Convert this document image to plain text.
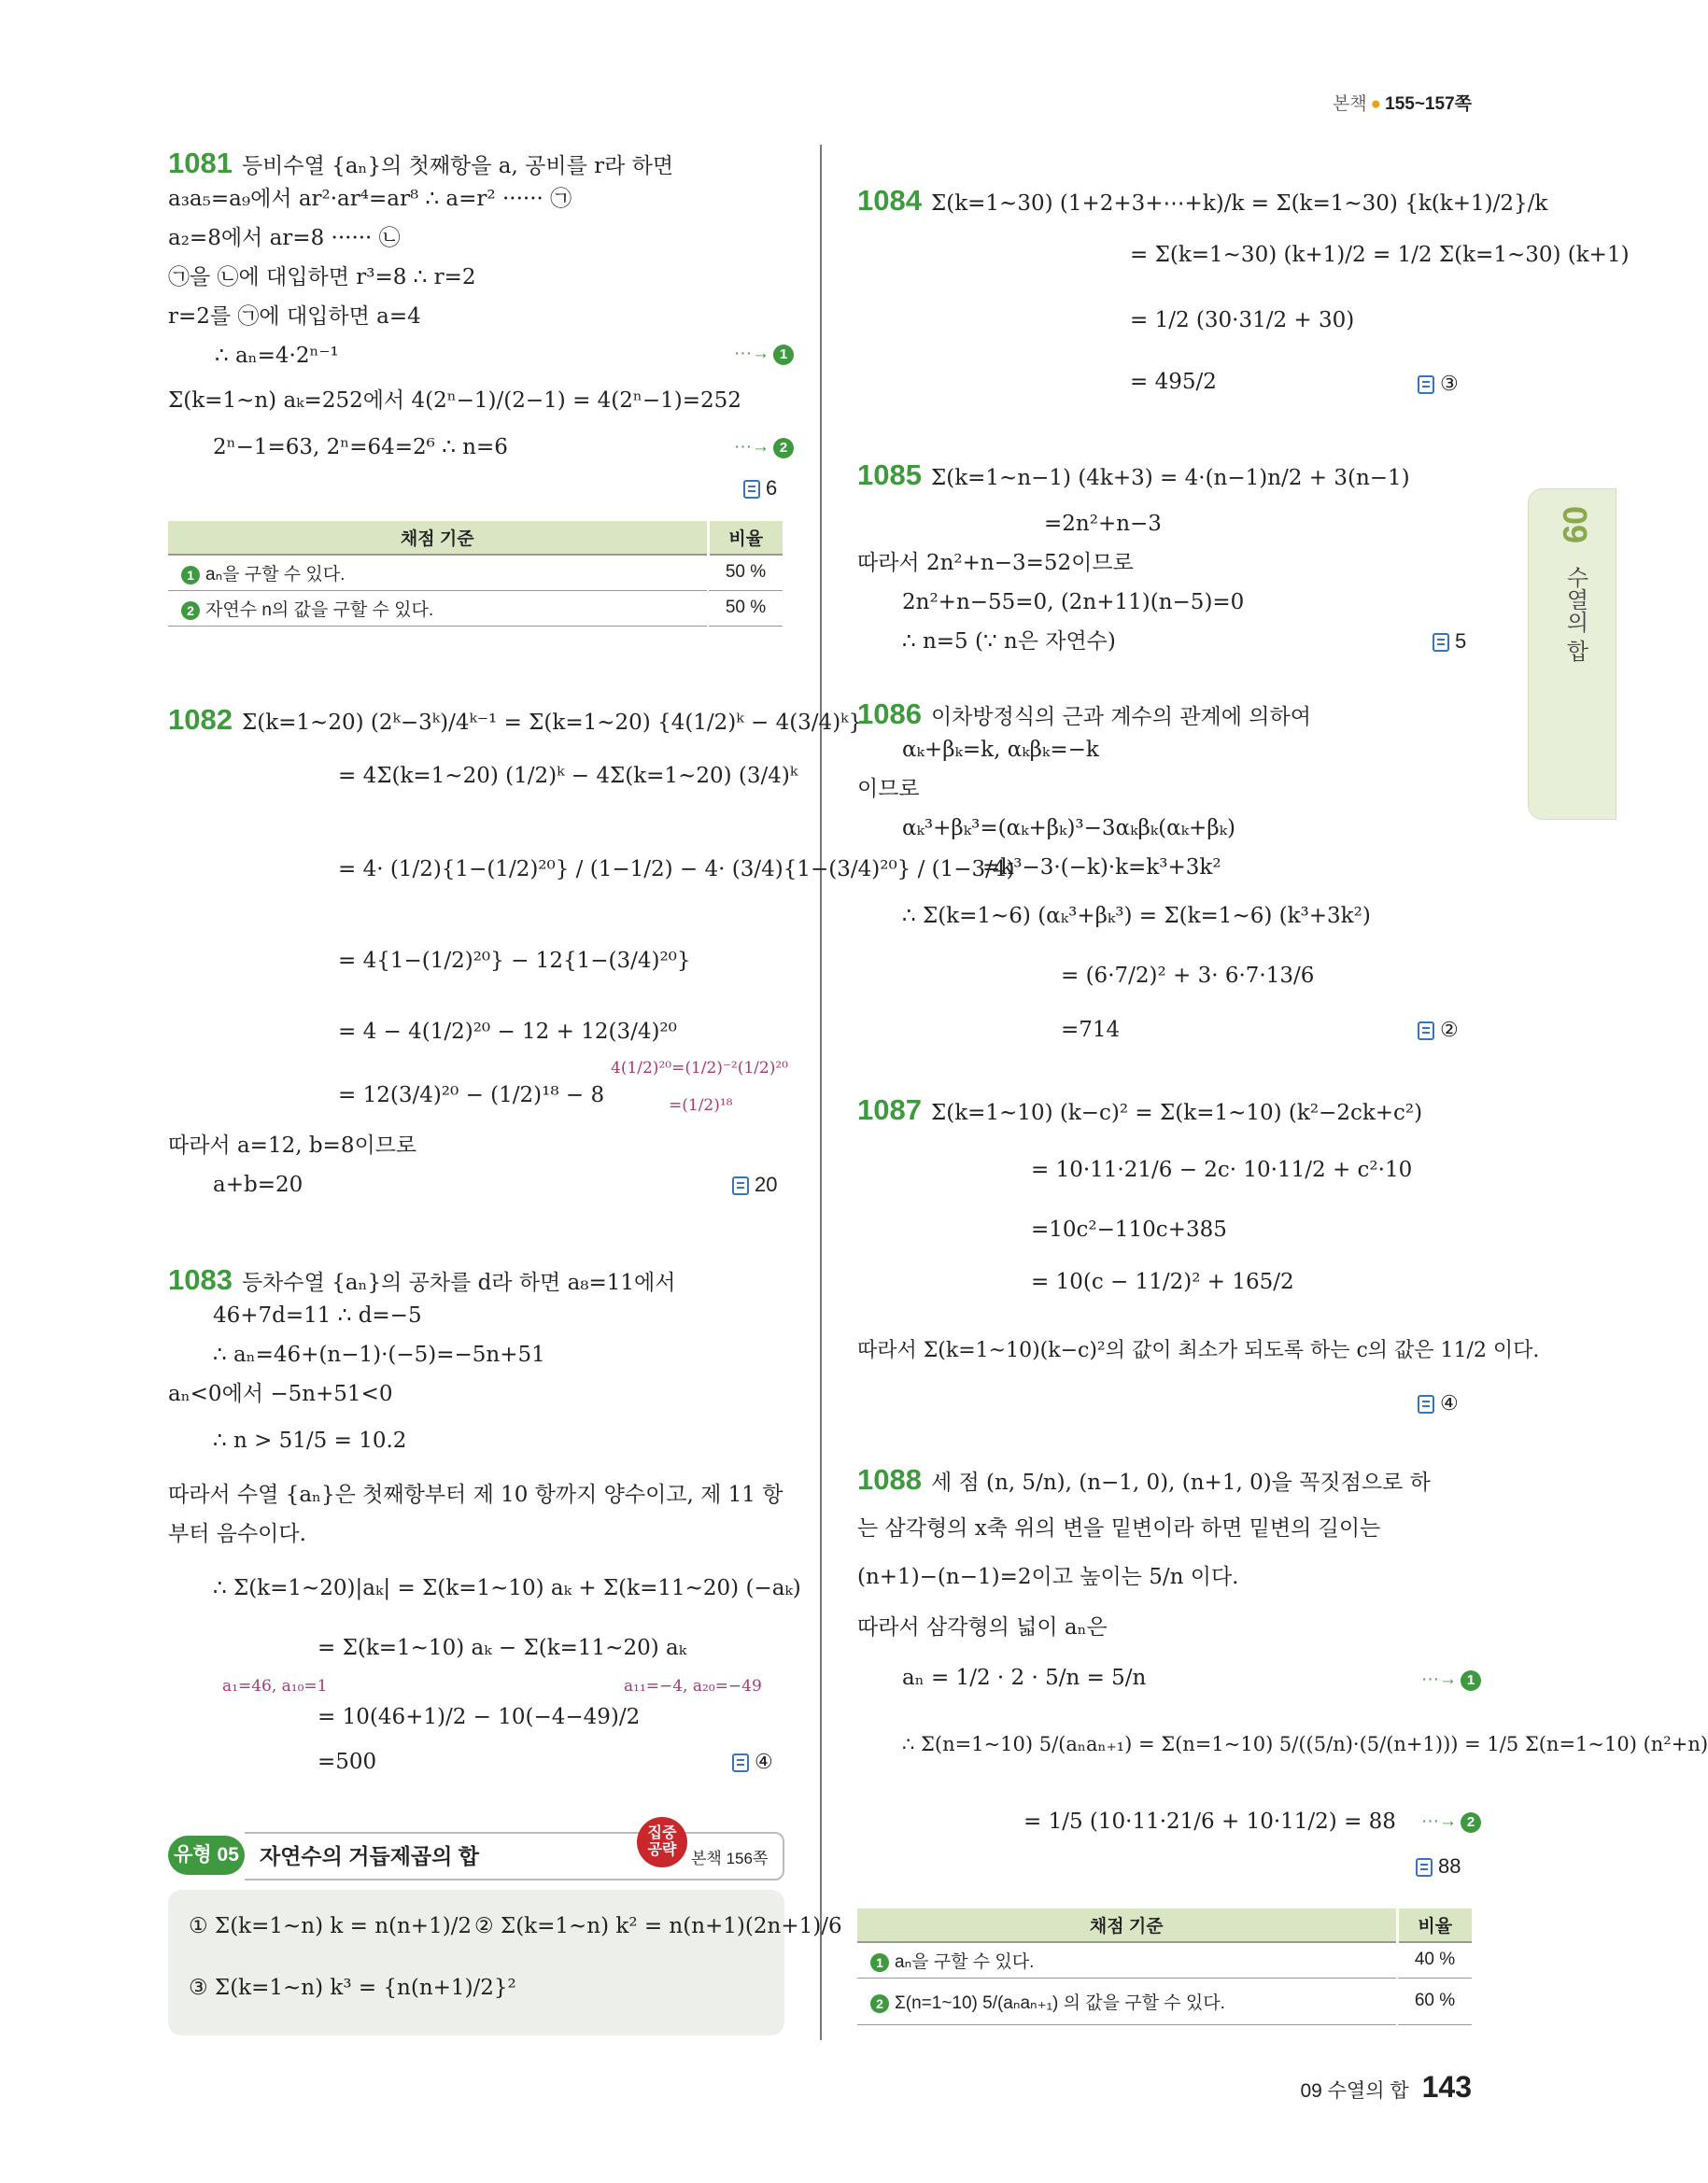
본책 ● 155~157쪽
09
수열의 합
1081 등비수열 {aₙ}의 첫째항을 a, 공비를 r라 하면
a₃a₅=a₉에서 ar²·ar⁴=ar⁸ ∴ a=r² ······ ㉠
a₂=8에서 ar=8 ······ ㉡
㉠을 ㉡에 대입하면 r³=8 ∴ r=2
r=2를 ㉠에 대입하면 a=4
∴ aₙ=4·2ⁿ⁻¹
Σ(k=1~n) aₖ=252에서 4(2ⁿ−1)/(2−1) = 4(2ⁿ−1)=252
2ⁿ−1=63, 2ⁿ=64=2⁶ ∴ n=6
···→ 1
···→ 2
6
채점 기준	비율
1 aₙ을 구할 수 있다.	50 %
2 자연수 n의 값을 구할 수 있다.	50 %
1082 Σ(k=1~20) (2ᵏ−3ᵏ)/4ᵏ⁻¹ = Σ(k=1~20) {4(1/2)ᵏ − 4(3/4)ᵏ}
= 4Σ(k=1~20) (1/2)ᵏ − 4Σ(k=1~20) (3/4)ᵏ
= 4· (1/2){1−(1/2)²⁰} / (1−1/2) − 4· (3/4){1−(3/4)²⁰} / (1−3/4)
= 4{1−(1/2)²⁰} − 12{1−(3/4)²⁰}
= 4 − 4(1/2)²⁰ − 12 + 12(3/4)²⁰
= 12(3/4)²⁰ − (1/2)¹⁸ − 8
4(1/2)²⁰=(1/2)⁻²(1/2)²⁰
=(1/2)¹⁸
따라서 a=12, b=8이므로
a+b=20	20
1083 등차수열 {aₙ}의 공차를 d라 하면 a₈=11에서
46+7d=11 ∴ d=−5
∴ aₙ=46+(n−1)·(−5)=−5n+51
aₙ<0에서 −5n+51<0
∴ n > 51/5 = 10.2
따라서 수열 {aₙ}은 첫째항부터 제 10 항까지 양수이고, 제 11 항
부터 음수이다.
∴ Σ(k=1~20)|aₖ| = Σ(k=1~10) aₖ + Σ(k=11~20) (−aₖ)
= Σ(k=1~10) aₖ − Σ(k=11~20) aₖ
a₁=46, a₁₀=1	a₁₁=−4, a₂₀=−49
= 10(46+1)/2 − 10(−4−49)/2
=500	④
유형 05 자연수의 거듭제곱의 합
집중
공략 본책 156쪽
① Σ(k=1~n) k = n(n+1)/2 ② Σ(k=1~n) k² = n(n+1)(2n+1)/6
③ Σ(k=1~n) k³ = {n(n+1)/2}²
1084 Σ(k=1~30) (1+2+3+⋯+k)/k = Σ(k=1~30) {k(k+1)/2}/k
= Σ(k=1~30) (k+1)/2 = 1/2 Σ(k=1~30) (k+1)
= 1/2 (30·31/2 + 30)
= 495/2	③
1085 Σ(k=1~n−1) (4k+3) = 4·(n−1)n/2 + 3(n−1)
=2n²+n−3
따라서 2n²+n−3=52이므로
2n²+n−55=0, (2n+11)(n−5)=0
∴ n=5 (∵ n은 자연수)	5
1086 이차방정식의 근과 계수의 관계에 의하여
αₖ+βₖ=k, αₖβₖ=−k
이므로
αₖ³+βₖ³=(αₖ+βₖ)³−3αₖβₖ(αₖ+βₖ)
=k³−3·(−k)·k=k³+3k²
∴ Σ(k=1~6) (αₖ³+βₖ³) = Σ(k=1~6) (k³+3k²)
= (6·7/2)² + 3· 6·7·13/6
=714	②
1087 Σ(k=1~10) (k−c)² = Σ(k=1~10) (k²−2ck+c²)
= 10·11·21/6 − 2c· 10·11/2 + c²·10
=10c²−110c+385
= 10(c − 11/2)² + 165/2
따라서 Σ(k=1~10)(k−c)²의 값이 최소가 되도록 하는 c의 값은 11/2 이다.
④
1088 세 점 (n, 5/n), (n−1, 0), (n+1, 0)을 꼭짓점으로 하
는 삼각형의 x축 위의 변을 밑변이라 하면 밑변의 길이는
(n+1)−(n−1)=2이고 높이는 5/n 이다.
따라서 삼각형의 넓이 aₙ은
aₙ = 1/2 · 2 · 5/n = 5/n
∴ Σ(n=1~10) 5/(aₙaₙ₊₁) = Σ(n=1~10) 5/((5/n)·(5/(n+1))) = 1/5 Σ(n=1~10) (n²+n)
= 1/5 (10·11·21/6 + 10·11/2) = 88
···→ 1
···→ 2
88
채점 기준	비율
1 aₙ을 구할 수 있다.	40 %
2 Σ(n=1~10) 5/(aₙaₙ₊₁) 의 값을 구할 수 있다.	60 %
09 수열의 합 143
